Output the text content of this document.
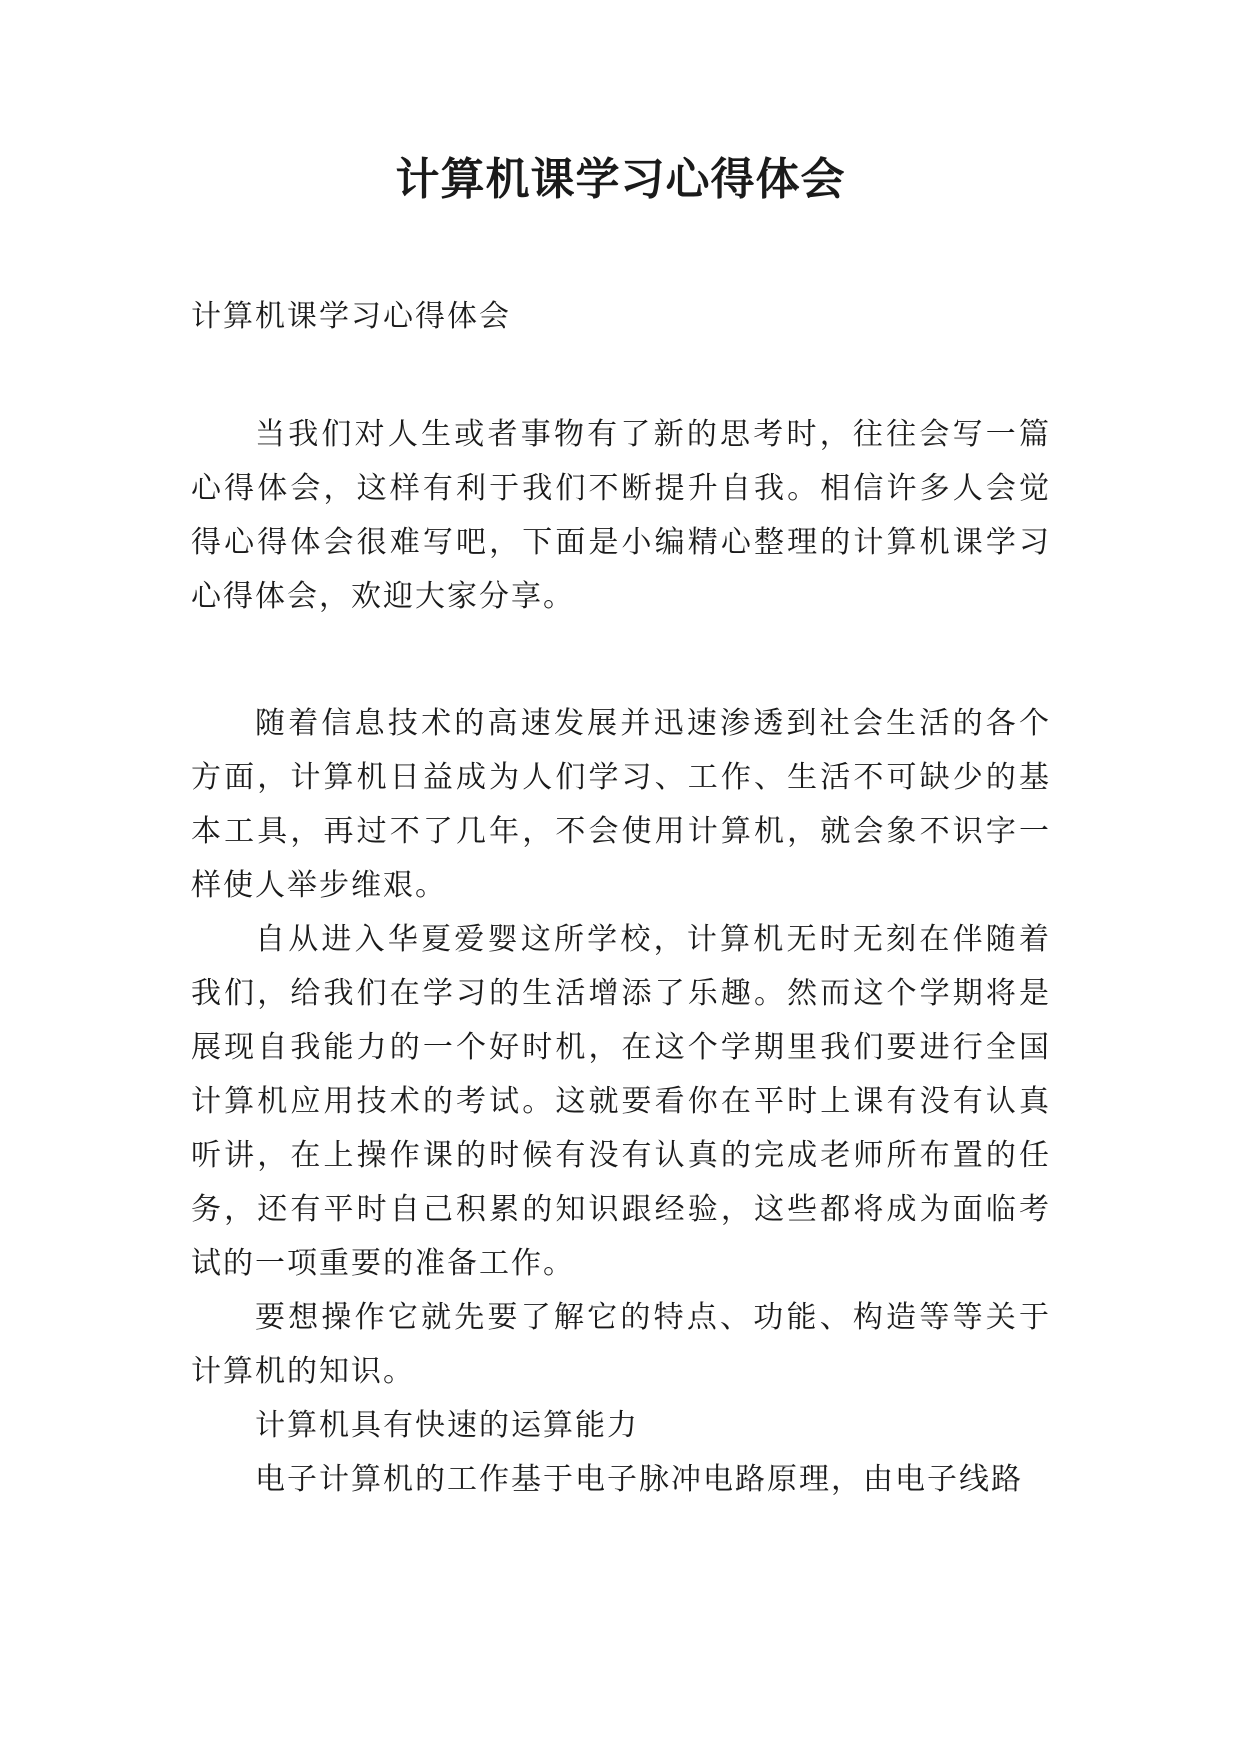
计算机课学习心得体会

计算机课学习心得体会

当我们对人生或者事物有了新的思考时，往往会写一篇心得体会，这样有利于我们不断提升自我。相信许多人会觉得心得体会很难写吧，下面是小编精心整理的计算机课学习心得体会，欢迎大家分享。

随着信息技术的高速发展并迅速渗透到社会生活的各个方面，计算机日益成为人们学习、工作、生活不可缺少的基本工具，再过不了几年，不会使用计算机，就会象不识字一样使人举步维艰。

自从进入华夏爱婴这所学校，计算机无时无刻在伴随着我们，给我们在学习的生活增添了乐趣。然而这个学期将是展现自我能力的一个好时机，在这个学期里我们要进行全国计算机应用技术的考试。这就要看你在平时上课有没有认真听讲，在上操作课的时候有没有认真的完成老师所布置的任务，还有平时自己积累的知识跟经验，这些都将成为面临考试的一项重要的准备工作。

要想操作它就先要了解它的特点、功能、构造等等关于计算机的知识。

计算机具有快速的运算能力

电子计算机的工作基于电子脉冲电路原理，由电子线路
